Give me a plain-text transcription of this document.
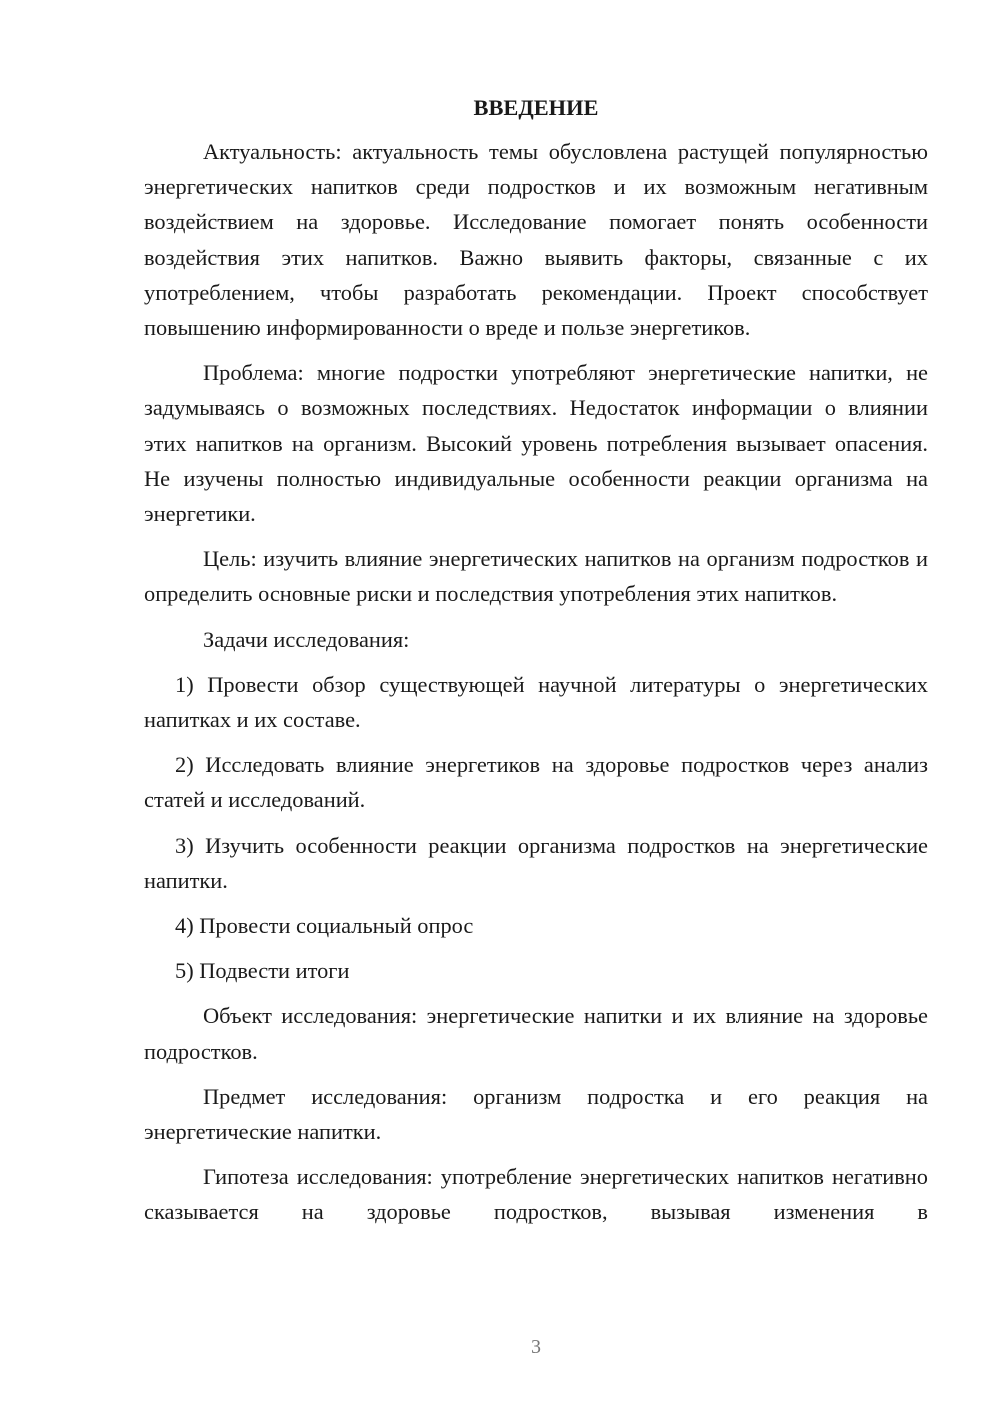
ВВЕДЕНИЕ

Актуальность: актуальность темы обусловлена растущей популярностью энергетических напитков среди подростков и их возможным негативным воздействием на здоровье. Исследование помогает понять особенности воздействия этих напитков. Важно выявить факторы, связанные с их употреблением, чтобы разработать рекомендации. Проект способствует повышению информированности о вреде и пользе энергетиков.

Проблема: многие подростки употребляют энергетические напитки, не задумываясь о возможных последствиях. Недостаток информации о влиянии этих напитков на организм. Высокий уровень потребления вызывает опасения. Не изучены полностью индивидуальные особенности реакции организма на энергетики.

Цель: изучить влияние энергетических напитков на организм подростков и определить основные риски и последствия употребления этих напитков.

Задачи исследования:

1) Провести обзор существующей научной литературы о энергетических напитках и их составе.

2) Исследовать влияние энергетиков на здоровье подростков через анализ статей и исследований.

3) Изучить особенности реакции организма подростков на энергетические напитки.

4) Провести социальный опрос

5) Подвести итоги

Объект исследования: энергетические напитки и их влияние на здоровье подростков.

Предмет исследования: организм подростка и его реакция на энергетические напитки.

Гипотеза исследования: употребление энергетических напитков негативно сказывается на здоровье подростков, вызывая изменения в

3
